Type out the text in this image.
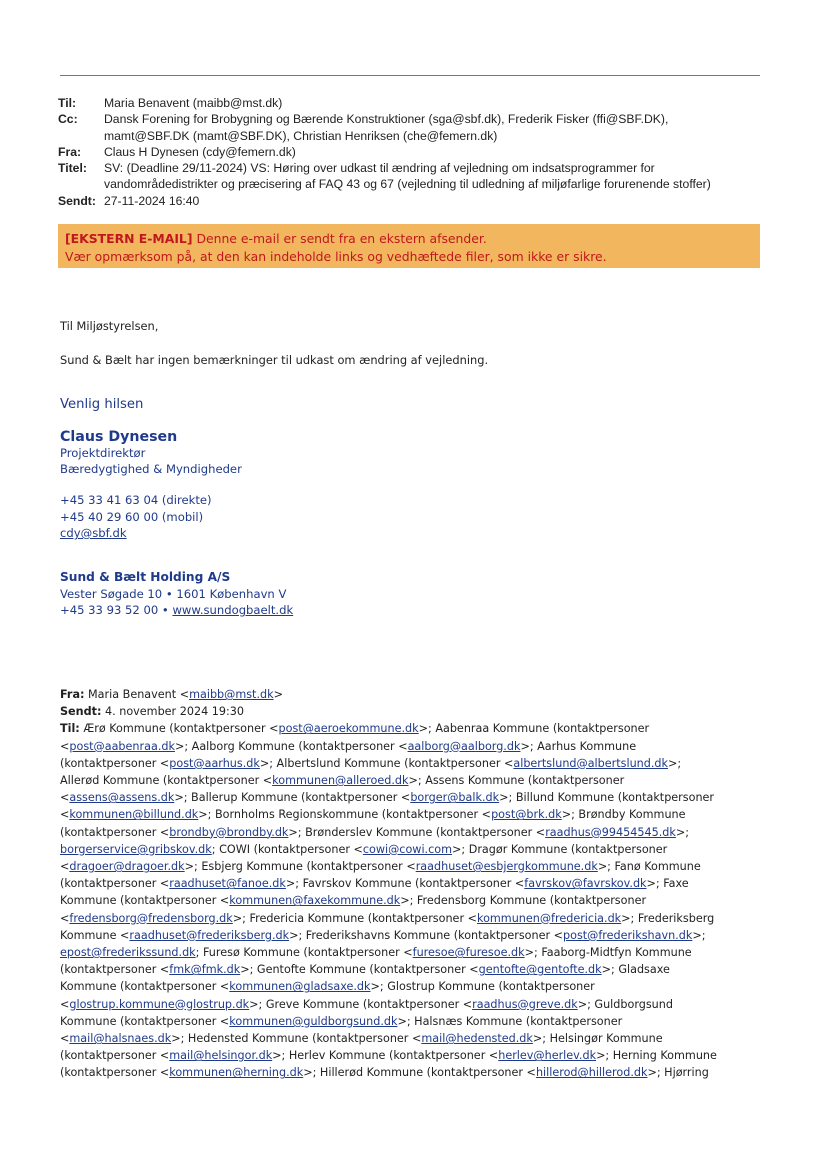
Til:	Maria Benavent (maibb@mst.dk)
Cc:	Dansk Forening for Brobygning og Bærende Konstruktioner (sga@sbf.dk), Frederik Fisker (ffi@SBF.DK),
mamt@SBF.DK (mamt@SBF.DK), Christian Henriksen (che@femern.dk)
Fra:	Claus H Dynesen (cdy@femern.dk)
Titel:	SV: (Deadline 29/11-2024) VS: Høring over udkast til ændring af vejledning om indsatsprogrammer for
vandområdedistrikter og præcisering af FAQ 43 og 67 (vejledning til udledning af miljøfarlige forurenende stoffer)
Sendt: 27-11-2024 16:40
[EKSTERN E-MAIL] Denne e-mail er sendt fra en ekstern afsender.
Vær opmærksom på, at den kan indeholde links og vedhæftede filer, som ikke er sikre.
Til Miljøstyrelsen,
Sund & Bælt har ingen bemærkninger til udkast om ændring af vejledning.
Venlig hilsen
Claus Dynesen
Projektdirektør
Bæredygtighed & Myndigheder
+45 33 41 63 04 (direkte)
+45 40 29 60 00 (mobil)
cdy@sbf.dk
Sund & Bælt Holding A/S
Vester Søgade 10 • 1601 København V
+45 33 93 52 00 • www.sundogbaelt.dk
Fra: Maria Benavent <maibb@mst.dk>
Sendt: 4. november 2024 19:30
Til: Ærø Kommune (kontaktpersoner <post@aeroekommune.dk>; Aabenraa Kommune (kontaktpersoner
<post@aabenraa.dk>; Aalborg Kommune (kontaktpersoner <aalborg@aalborg.dk>; Aarhus Kommune
(kontaktpersoner <post@aarhus.dk>; Albertslund Kommune (kontaktpersoner <albertslund@albertslund.dk>;
Allerød Kommune (kontaktpersoner <kommunen@alleroed.dk>; Assens Kommune (kontaktpersoner
<assens@assens.dk>; Ballerup Kommune (kontaktpersoner <borger@balk.dk>; Billund Kommune (kontaktpersoner
<kommunen@billund.dk>; Bornholms Regionskommune (kontaktpersoner <post@brk.dk>; Brøndby Kommune
(kontaktpersoner <brondby@brondby.dk>; Brønderslev Kommune (kontaktpersoner <raadhus@99454545.dk>;
borgerservice@gribskov.dk; COWI (kontaktpersoner <cowi@cowi.com>; Dragør Kommune (kontaktpersoner
<dragoer@dragoer.dk>; Esbjerg Kommune (kontaktpersoner <raadhuset@esbjergkommune.dk>; Fanø Kommune
(kontaktpersoner <raadhuset@fanoe.dk>; Favrskov Kommune (kontaktpersoner <favrskov@favrskov.dk>; Faxe
Kommune (kontaktpersoner <kommunen@faxekommune.dk>; Fredensborg Kommune (kontaktpersoner
<fredensborg@fredensborg.dk>; Fredericia Kommune (kontaktpersoner <kommunen@fredericia.dk>; Frederiksberg
Kommune <raadhuset@frederiksberg.dk>; Frederikshavns Kommune (kontaktpersoner <post@frederikshavn.dk>;
epost@frederikssund.dk; Furesø Kommune (kontaktpersoner <furesoe@furesoe.dk>; Faaborg-Midtfyn Kommune
(kontaktpersoner <fmk@fmk.dk>; Gentofte Kommune (kontaktpersoner <gentofte@gentofte.dk>; Gladsaxe
Kommune (kontaktpersoner <kommunen@gladsaxe.dk>; Glostrup Kommune (kontaktpersoner
<glostrup.kommune@glostrup.dk>; Greve Kommune (kontaktpersoner <raadhus@greve.dk>; Guldborgsund
Kommune (kontaktpersoner <kommunen@guldborgsund.dk>; Halsnæs Kommune (kontaktpersoner
<mail@halsnaes.dk>; Hedensted Kommune (kontaktpersoner <mail@hedensted.dk>; Helsingør Kommune
(kontaktpersoner <mail@helsingor.dk>; Herlev Kommune (kontaktpersoner <herlev@herlev.dk>; Herning Kommune
(kontaktpersoner <kommunen@herning.dk>; Hillerød Kommune (kontaktpersoner <hillerod@hillerod.dk>; Hjørring
